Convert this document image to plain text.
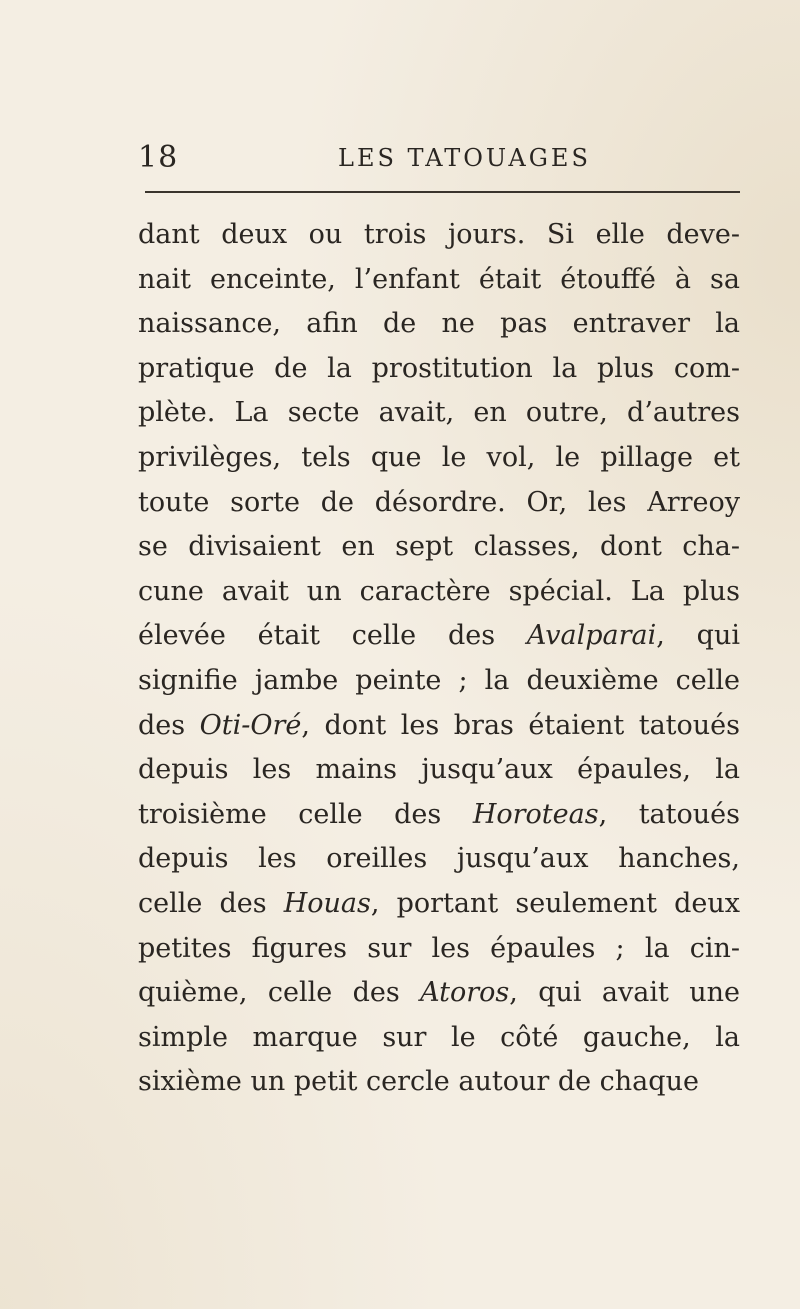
18	LES TATOUAGES
dant deux ou trois jours. Si elle deve-
nait enceinte, l’enfant était étouffé à sa
naissance, afin de ne pas entraver la
pratique de la prostitution la plus com-
plète. La secte avait, en outre, d’autres
privilèges, tels que le vol, le pillage et
toute sorte de désordre. Or, les Arreoy
se divisaient en sept classes, dont cha-
cune avait un caractère spécial. La plus
élevée était celle des Avalparai, qui
signifie jambe peinte ; la deuxième celle
des Oti-Oré, dont les bras étaient tatoués
depuis les mains jusqu’aux épaules, la
troisième celle des Horoteas, tatoués
depuis les oreilles jusqu’aux hanches,
celle des Houas, portant seulement deux
petites figures sur les épaules ; la cin-
quième, celle des Atoros, qui avait une
simple marque sur le côté gauche, la
sixième un petit cercle autour de chaque
